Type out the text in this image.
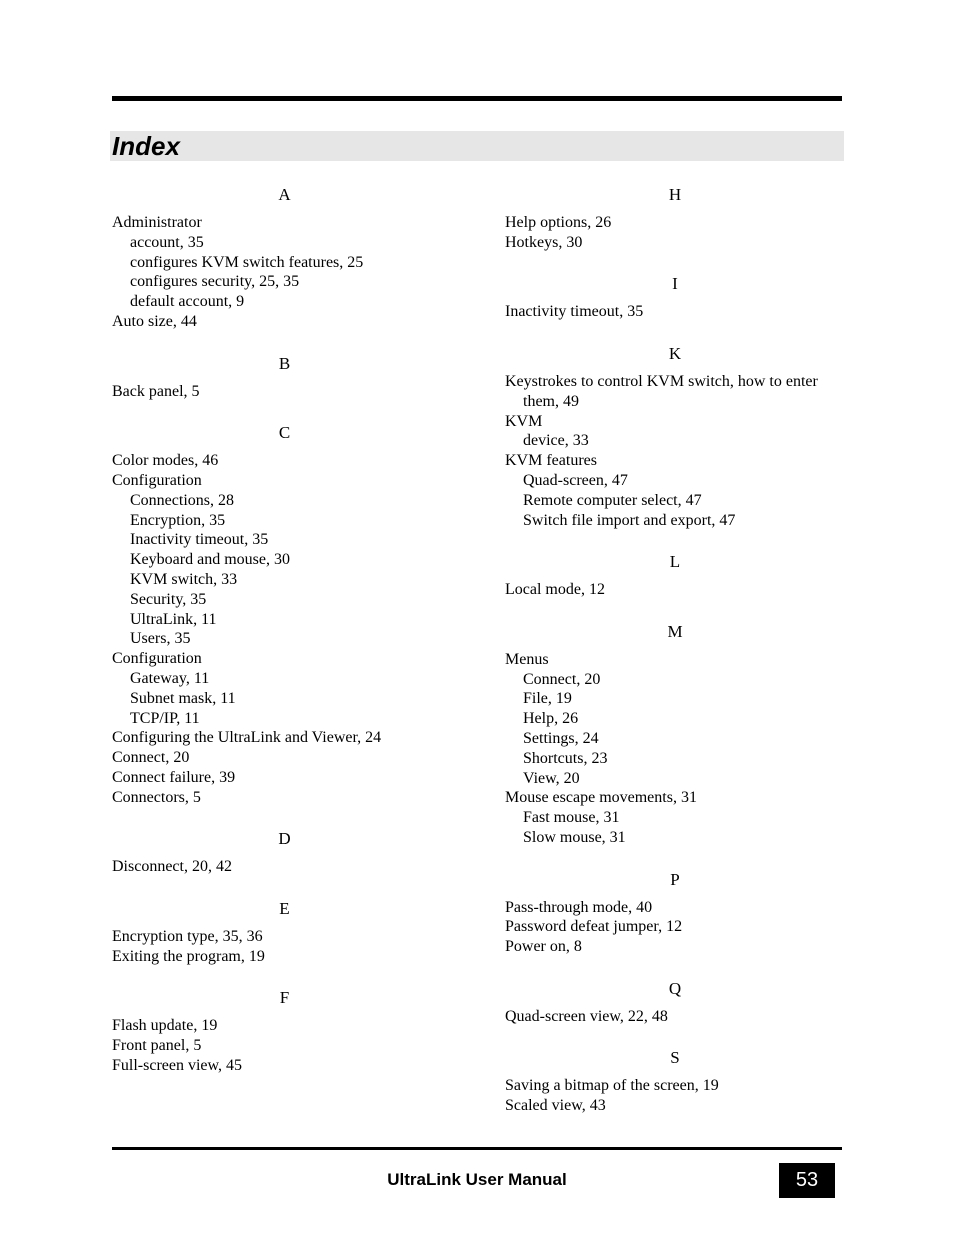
Index
A
Administrator
account, 35
configures KVM switch features, 25
configures security, 25, 35
default account, 9
Auto size, 44
B
Back panel, 5
C
Color modes, 46
Configuration
Connections, 28
Encryption, 35
Inactivity timeout, 35
Keyboard and mouse, 30
KVM switch, 33
Security, 35
UltraLink, 11
Users, 35
Configuration
Gateway, 11
Subnet mask, 11
TCP/IP, 11
Configuring the UltraLink and Viewer, 24
Connect, 20
Connect failure, 39
Connectors, 5
D
Disconnect, 20, 42
E
Encryption type, 35, 36
Exiting the program, 19
F
Flash update, 19
Front panel, 5
Full-screen view, 45
H
Help options, 26
Hotkeys, 30
I
Inactivity timeout, 35
K
Keystrokes to control KVM switch, how to enter them, 49
KVM
device, 33
KVM features
Quad-screen, 47
Remote computer select, 47
Switch file import and export, 47
L
Local mode, 12
M
Menus
Connect, 20
File, 19
Help, 26
Settings, 24
Shortcuts, 23
View, 20
Mouse escape movements, 31
Fast mouse, 31
Slow mouse, 31
P
Pass-through mode, 40
Password defeat jumper, 12
Power on, 8
Q
Quad-screen view, 22, 48
S
Saving a bitmap of the screen, 19
Scaled view, 43
UltraLink User Manual	53
